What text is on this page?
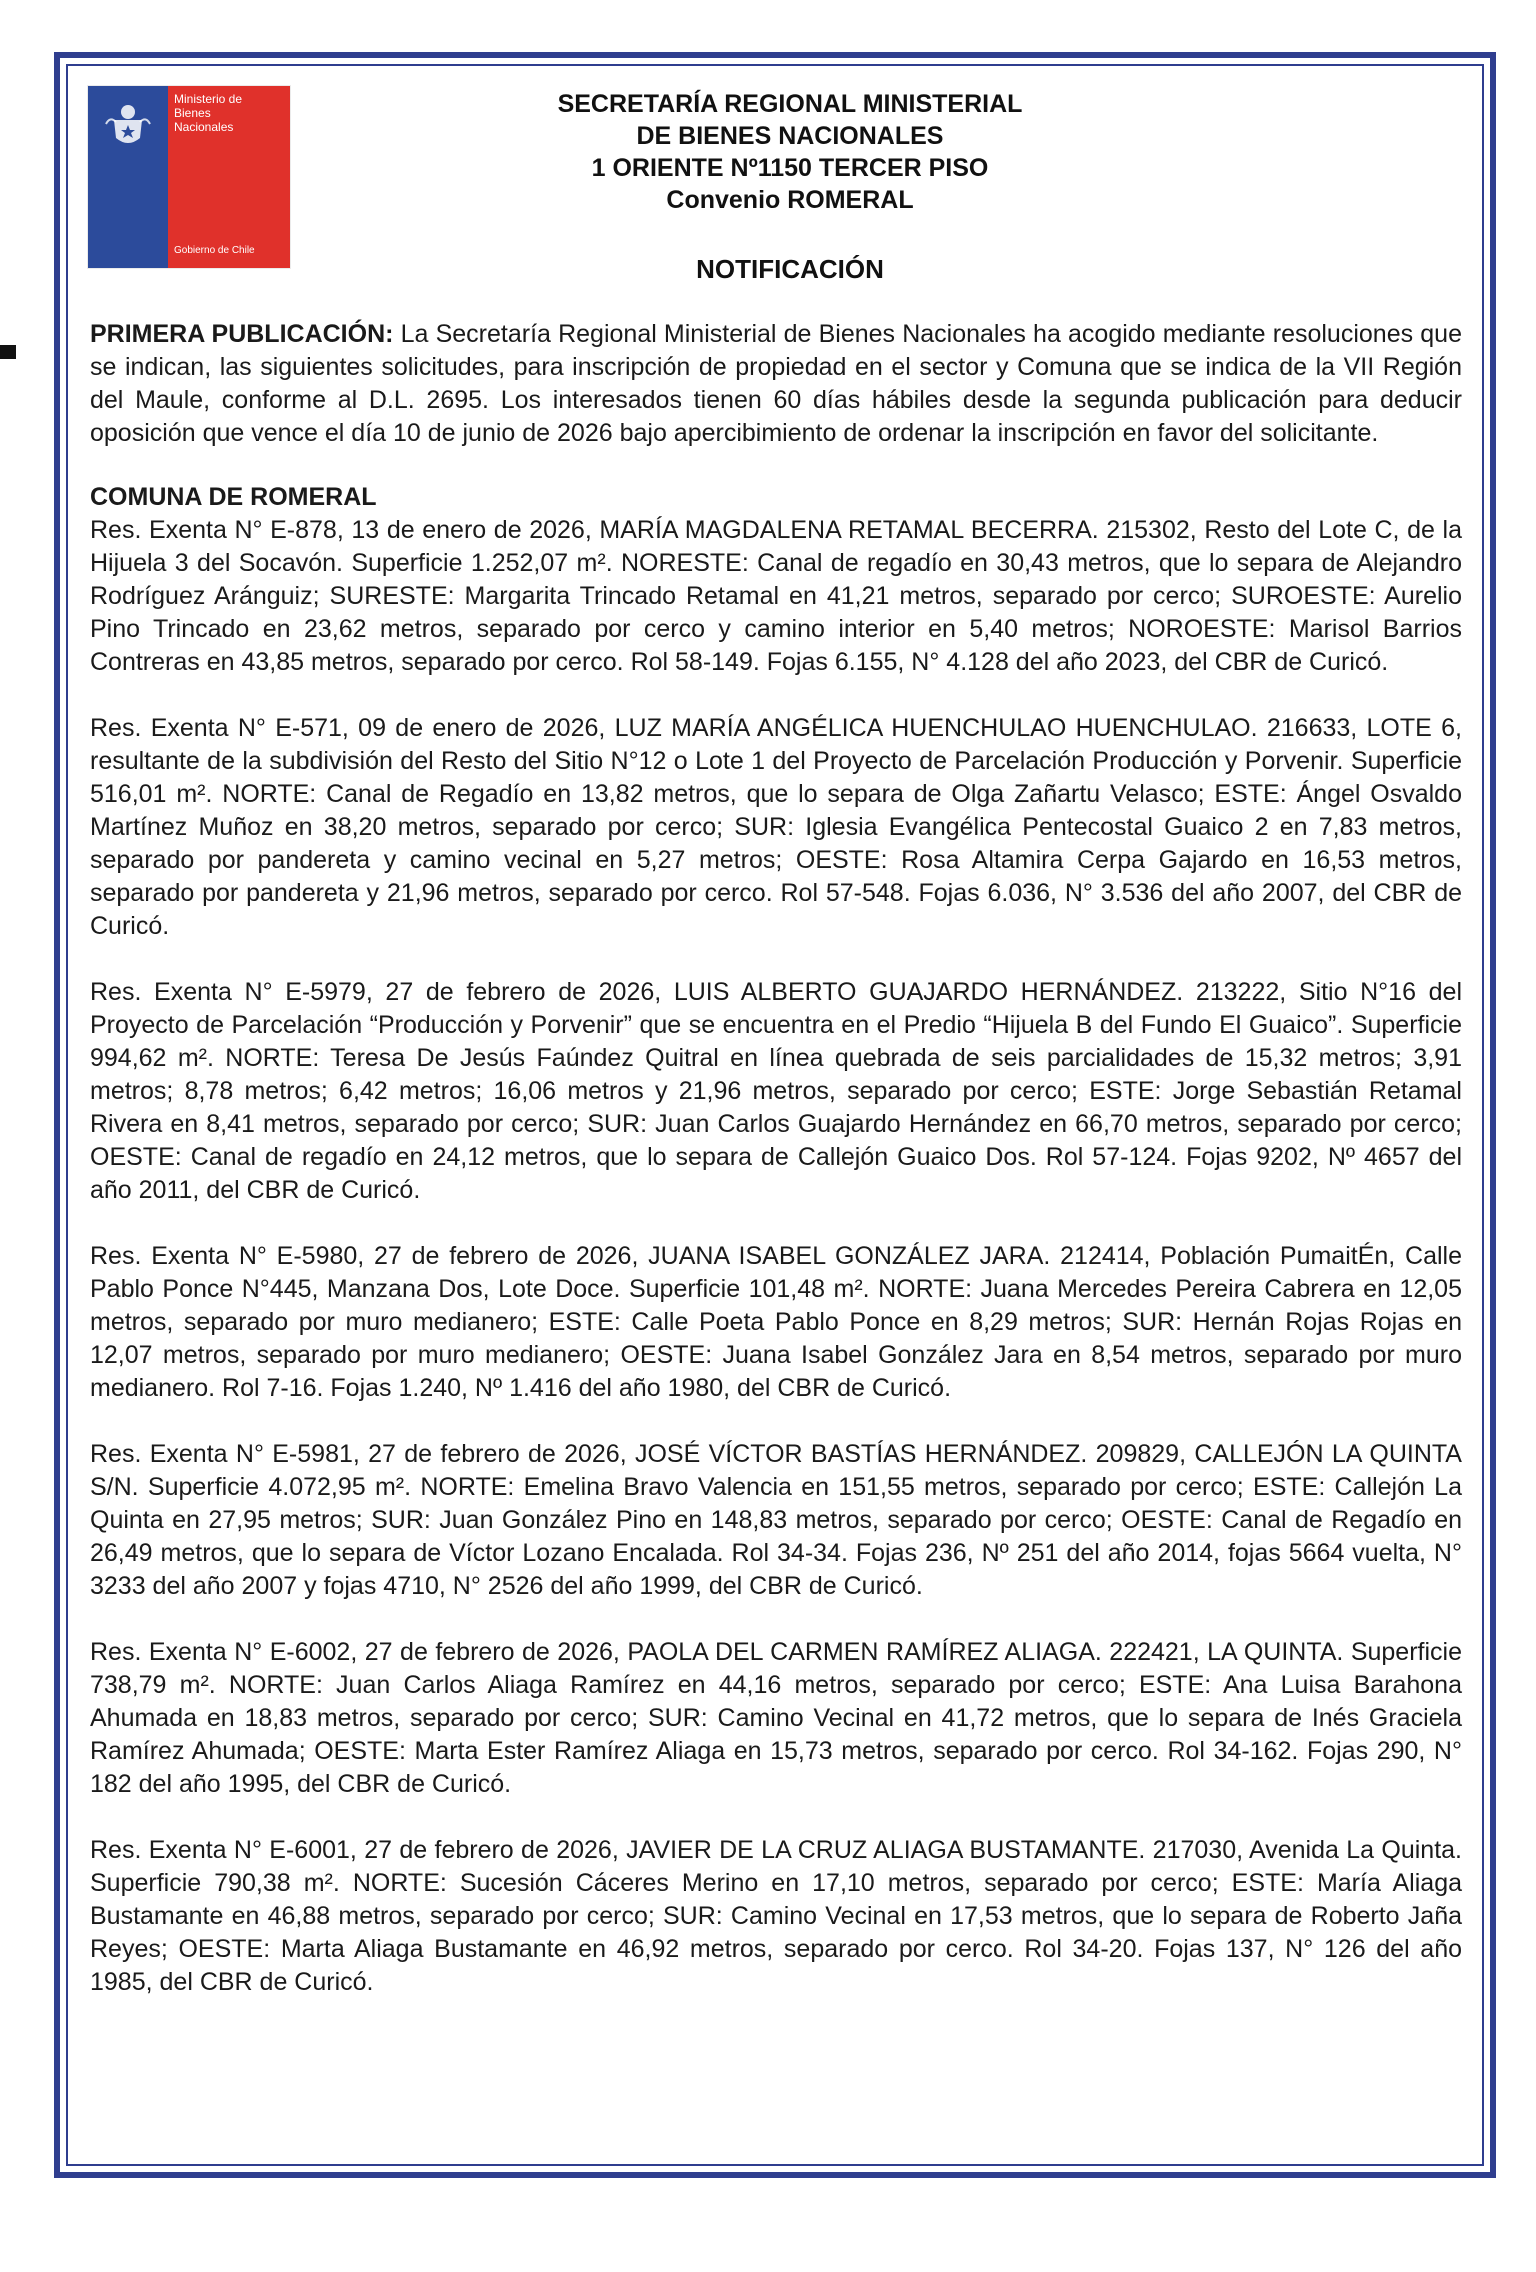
Ministerio de Bienes Nacionales
Gobierno de Chile
SECRETARÍA REGIONAL MINISTERIAL
DE BIENES NACIONALES
1 ORIENTE Nº1150 TERCER PISO
Convenio ROMERAL
NOTIFICACIÓN

PRIMERA PUBLICACIÓN: La Secretaría Regional Ministerial de Bienes Nacionales ha acogido mediante resoluciones que se indican, las siguientes solicitudes, para inscripción de propiedad en el sector y Comuna que se indica de la VII Región del Maule, conforme al D.L. 2695. Los interesados tienen 60 días hábiles desde la segunda publicación para deducir oposición que vence el día 10 de junio de 2026 bajo apercibimiento de ordenar la inscripción en favor del solicitante.

COMUNA DE ROMERAL

Res. Exenta N° E-878, 13 de enero de 2026, MARÍA MAGDALENA RETAMAL BECERRA. 215302, Resto del Lote C, de la Hijuela 3 del Socavón. Superficie 1.252,07 m². NORESTE: Canal de regadío en 30,43 metros, que lo separa de Alejandro Rodríguez Aránguiz; SURESTE: Margarita Trincado Retamal en 41,21 metros, separado por cerco; SUROESTE: Aurelio Pino Trincado en 23,62 metros, separado por cerco y camino interior en 5,40 metros; NOROESTE: Marisol Barrios Contreras en 43,85 metros, separado por cerco. Rol 58-149. Fojas 6.155, N° 4.128 del año 2023, del CBR de Curicó.

Res. Exenta N° E-571, 09 de enero de 2026, LUZ MARÍA ANGÉLICA HUENCHULAO HUENCHULAO. 216633, LOTE 6, resultante de la subdivisión del Resto del Sitio N°12 o Lote 1 del Proyecto de Parcelación Producción y Porvenir. Superficie 516,01 m². NORTE: Canal de Regadío en 13,82 metros, que lo separa de Olga Zañartu Velasco; ESTE: Ángel Osvaldo Martínez Muñoz en 38,20 metros, separado por cerco; SUR: Iglesia Evangélica Pentecostal Guaico 2 en 7,83 metros, separado por pandereta y camino vecinal en 5,27 metros; OESTE: Rosa Altamira Cerpa Gajardo en 16,53 metros, separado por pandereta y 21,96 metros, separado por cerco. Rol 57-548. Fojas 6.036, N° 3.536 del año 2007, del CBR de Curicó.

Res. Exenta N° E-5979, 27 de febrero de 2026, LUIS ALBERTO GUAJARDO HERNÁNDEZ. 213222, Sitio N°16 del Proyecto de Parcelación “Producción y Porvenir” que se encuentra en el Predio “Hijuela B del Fundo El Guaico”. Superficie 994,62 m². NORTE: Teresa De Jesús Faúndez Quitral en línea quebrada de seis parcialidades de 15,32 metros; 3,91 metros; 8,78 metros; 6,42 metros; 16,06 metros y 21,96 metros, separado por cerco; ESTE: Jorge Sebastián Retamal Rivera en 8,41 metros, separado por cerco; SUR: Juan Carlos Guajardo Hernández en 66,70 metros, separado por cerco; OESTE: Canal de regadío en 24,12 metros, que lo separa de Callejón Guaico Dos. Rol 57-124. Fojas 9202, Nº 4657 del año 2011, del CBR de Curicó.

Res. Exenta N° E-5980, 27 de febrero de 2026, JUANA ISABEL GONZÁLEZ JARA. 212414, Población PumaitÉn, Calle Pablo Ponce N°445, Manzana Dos, Lote Doce. Superficie 101,48 m². NORTE: Juana Mercedes Pereira Cabrera en 12,05 metros, separado por muro medianero; ESTE: Calle Poeta Pablo Ponce en 8,29 metros; SUR: Hernán Rojas Rojas en 12,07 metros, separado por muro medianero; OESTE: Juana Isabel González Jara en 8,54 metros, separado por muro medianero. Rol 7-16. Fojas 1.240, Nº 1.416 del año 1980, del CBR de Curicó.

Res. Exenta N° E-5981, 27 de febrero de 2026, JOSÉ VÍCTOR BASTÍAS HERNÁNDEZ. 209829, CALLEJÓN LA QUINTA S/N. Superficie 4.072,95 m². NORTE: Emelina Bravo Valencia en 151,55 metros, separado por cerco; ESTE: Callejón La Quinta en 27,95 metros; SUR: Juan González Pino en 148,83 metros, separado por cerco; OESTE: Canal de Regadío en 26,49 metros, que lo separa de Víctor Lozano Encalada. Rol 34-34. Fojas 236, Nº 251 del año 2014, fojas 5664 vuelta, N° 3233 del año 2007 y fojas 4710, N° 2526 del año 1999, del CBR de Curicó.

Res. Exenta N° E-6002, 27 de febrero de 2026, PAOLA DEL CARMEN RAMÍREZ ALIAGA. 222421, LA QUINTA. Superficie 738,79 m². NORTE: Juan Carlos Aliaga Ramírez en 44,16 metros, separado por cerco; ESTE: Ana Luisa Barahona Ahumada en 18,83 metros, separado por cerco; SUR: Camino Vecinal en 41,72 metros, que lo separa de Inés Graciela Ramírez Ahumada; OESTE: Marta Ester Ramírez Aliaga en 15,73 metros, separado por cerco. Rol 34-162. Fojas 290, N° 182 del año 1995, del CBR de Curicó.

Res. Exenta N° E-6001, 27 de febrero de 2026, JAVIER DE LA CRUZ ALIAGA BUSTAMANTE. 217030, Avenida La Quinta. Superficie 790,38 m². NORTE: Sucesión Cáceres Merino en 17,10 metros, separado por cerco; ESTE: María Aliaga Bustamante en 46,88 metros, separado por cerco; SUR: Camino Vecinal en 17,53 metros, que lo separa de Roberto Jaña Reyes; OESTE: Marta Aliaga Bustamante en 46,92 metros, separado por cerco. Rol 34-20. Fojas 137, N° 126 del año 1985, del CBR de Curicó.
